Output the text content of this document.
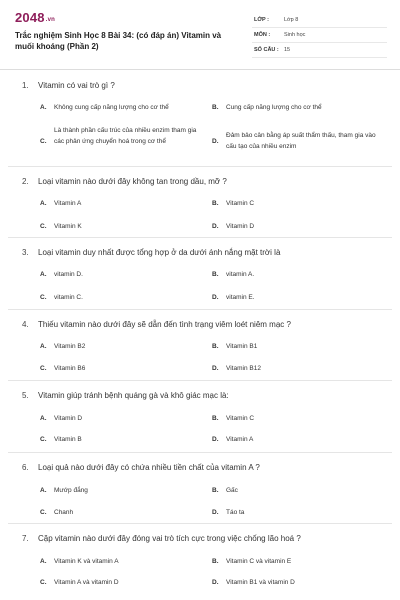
2048.vn
Trắc nghiệm Sinh Học 8 Bài 34: (có đáp án) Vitamin và muối khoáng (Phần 2)
LỚP :	Lớp 8
MÔN :	Sinh học
SỐ CÂU : 15
1. Vitamin có vai trò gì ?
A. Không cung cấp năng lượng cho cơ thể	B. Cung cấp năng lượng cho cơ thể
C.
Là thành phần cấu trúc của nhiều enzim tham gia các phản ứng chuyển hoá trong cơ thể	D.
Đảm bảo cân bằng áp suất thẩm thấu, tham gia vào cấu tạo của nhiều enzim
2. Loại vitamin nào dưới đây không tan trong dầu, mỡ ?
A. Vitamin A	B. Vitamin C
C. Vitamin K	D. Vitamin D
3. Loại vitamin duy nhất được tổng hợp ở da dưới ánh nắng mặt trời là
A. vitamin D.	B. vitamin A.
C. vitamin C.	D. vitamin E.
4. Thiếu vitamin nào dưới đây sẽ dẫn đến tình trạng viêm loét niêm mạc ?
A. Vitamin B2	B. Vitamin B1
C. Vitamin B6	D. Vitamin B12
5. Vitamin giúp tránh bệnh quáng gà và khô giác mạc là:
A. Vitamin D	B. Vitamin C
C. Vitamin B	D. Vitamin A
6. Loại quả nào dưới đây có chứa nhiều tiền chất của vitamin A ?
A. Mướp đắng	B. Gấc
C. Chanh	D. Táo ta
7. Cặp vitamin nào dưới đây đóng vai trò tích cực trong việc chống lão hoá ?
A. Vitamin K và vitamin A	B. Vitamin C và vitamin E
C. Vitamin A và vitamin D	D. Vitamin B1 và vitamin D
